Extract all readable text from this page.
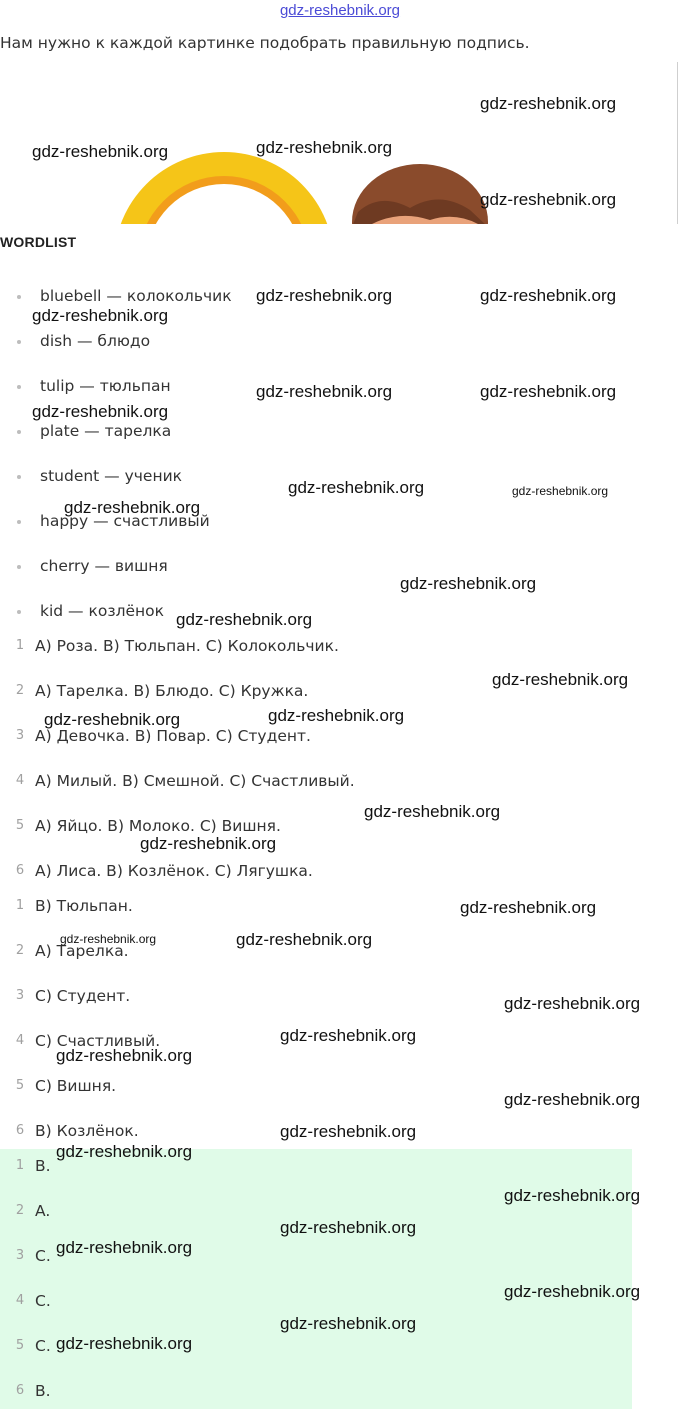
gdz-reshebnik.org
Нам нужно к каждой картинке подобрать правильную подпись.
WORDLIST
bluebell — колокольчик
dish — блюдо
tulip — тюльпан
plate — тарелка
student — ученик
happy — счастливый
cherry — вишня
kid — козлёнок
1 A) Роза. B) Тюльпан. C) Колокольчик.
2 A) Тарелка. B) Блюдо. C) Кружка.
3 A) Девочка. B) Повар. C) Студент.
4 A) Милый. B) Смешной. C) Счастливый.
5 A) Яйцо. B) Молоко. C) Вишня.
6 A) Лиса. B) Козлёнок. C) Лягушка.
1 B) Тюльпан.
2 A) Тарелка.
3 C) Студент.
4 C) Счастливый.
5 C) Вишня.
6 B) Козлёнок.
1 B.
2 A.
3 C.
4 C.
5 C.
6 B.
gdz-reshebnik.org
gdz-reshebnik.org
gdz-reshebnik.org
gdz-reshebnik.org
gdz-reshebnik.org	gdz-reshebnik.org
gdz-reshebnik.org
gdz-reshebnik.org	gdz-reshebnik.org
gdz-reshebnik.org
gdz-reshebnik.org	gdz-reshebnik.org
gdz-reshebnik.org
gdz-reshebnik.org
gdz-reshebnik.org
gdz-reshebnik.org
gdz-reshebnik.org
gdz-reshebnik.org
gdz-reshebnik.org
gdz-reshebnik.org
gdz-reshebnik.org
gdz-reshebnik.org
gdz-reshebnik.org
gdz-reshebnik.org
gdz-reshebnik.org
gdz-reshebnik.org
gdz-reshebnik.org
gdz-reshebnik.org
gdz-reshebnik.org
gdz-reshebnik.org
gdz-reshebnik.org
gdz-reshebnik.org
gdz-reshebnik.org
gdz-reshebnik.org
gdz-reshebnik.org
